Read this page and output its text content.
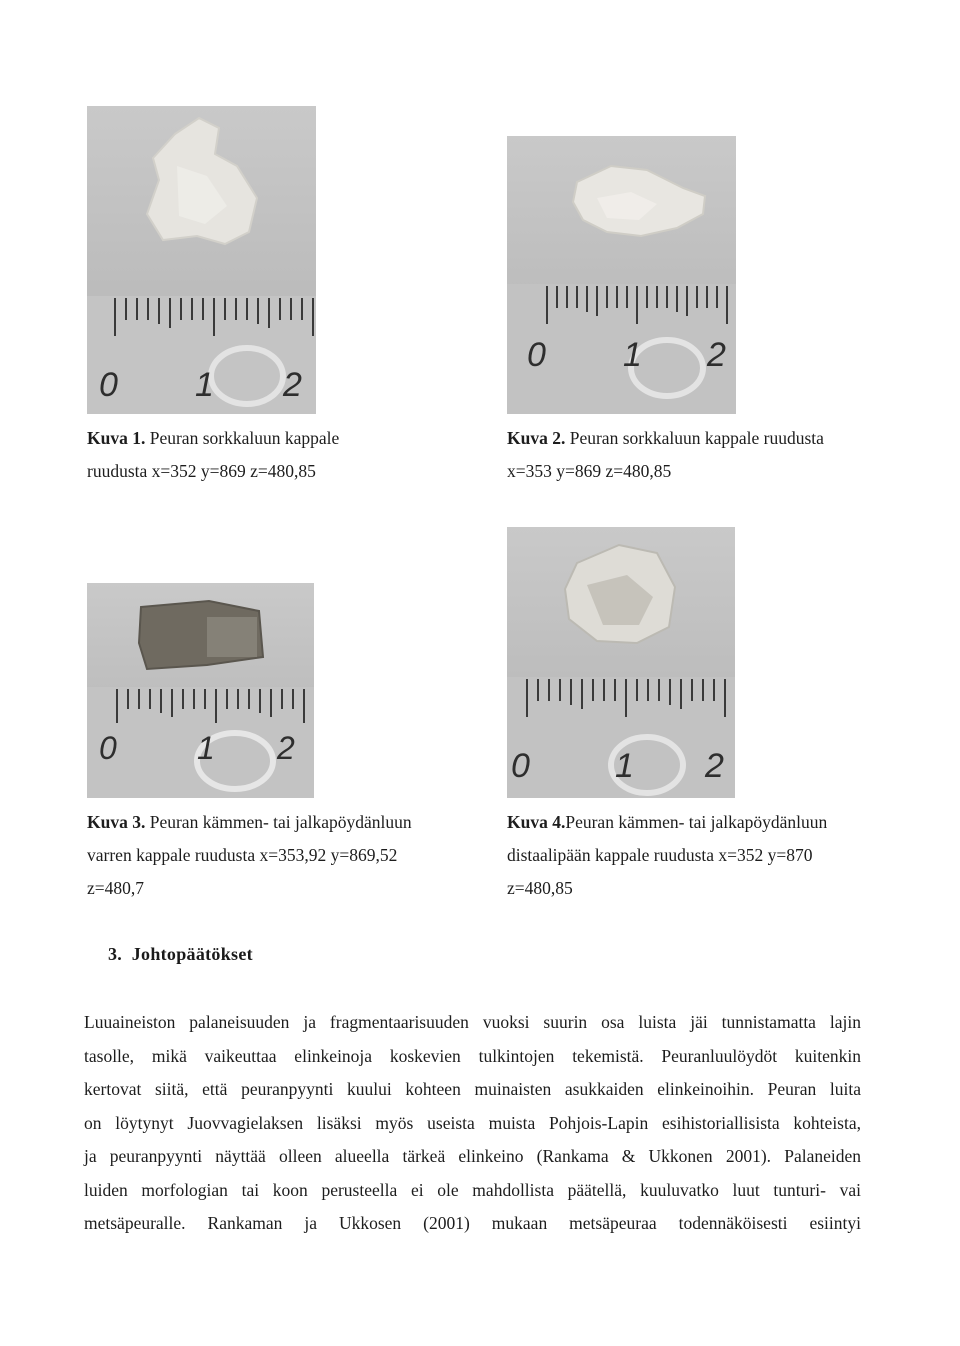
0 1 2
0 1 2
Kuva 1. Peuran sorkkaluun kappale
ruudusta x=352 y=869 z=480,85
Kuva 2. Peuran sorkkaluun kappale ruudusta
x=353 y=869 z=480,85
0	1 2	0	1 2
Kuva 3. Peuran kämmen- tai jalkapöydänluun
varren kappale ruudusta x=353,92 y=869,52
z=480,7
Kuva 4.Peuran kämmen- tai jalkapöydänluun
distaalipään kappale ruudusta x=352 y=870
z=480,85
3. Johtopäätökset
Luuaineiston palaneisuuden ja fragmentaarisuuden vuoksi suurin osa luista jäi tunnistamatta lajin
tasolle, mikä vaikeuttaa elinkeinoja koskevien tulkintojen tekemistä. Peuranluulöydöt kuitenkin
kertovat siitä, että peuranpyynti kuului kohteen muinaisten asukkaiden elinkeinoihin. Peuran luita
on löytynyt Juovvagielaksen lisäksi myös useista muista Pohjois-Lapin esihistoriallisista kohteista,
ja peuranpyynti näyttää olleen alueella tärkeä elinkeino (Rankama & Ukkonen 2001). Palaneiden
luiden morfologian tai koon perusteella ei ole mahdollista päätellä, kuuluvatko luut tunturi- vai
metsäpeuralle. Rankaman ja Ukkosen (2001) mukaan metsäpeuraa todennäköisesti esiintyi
